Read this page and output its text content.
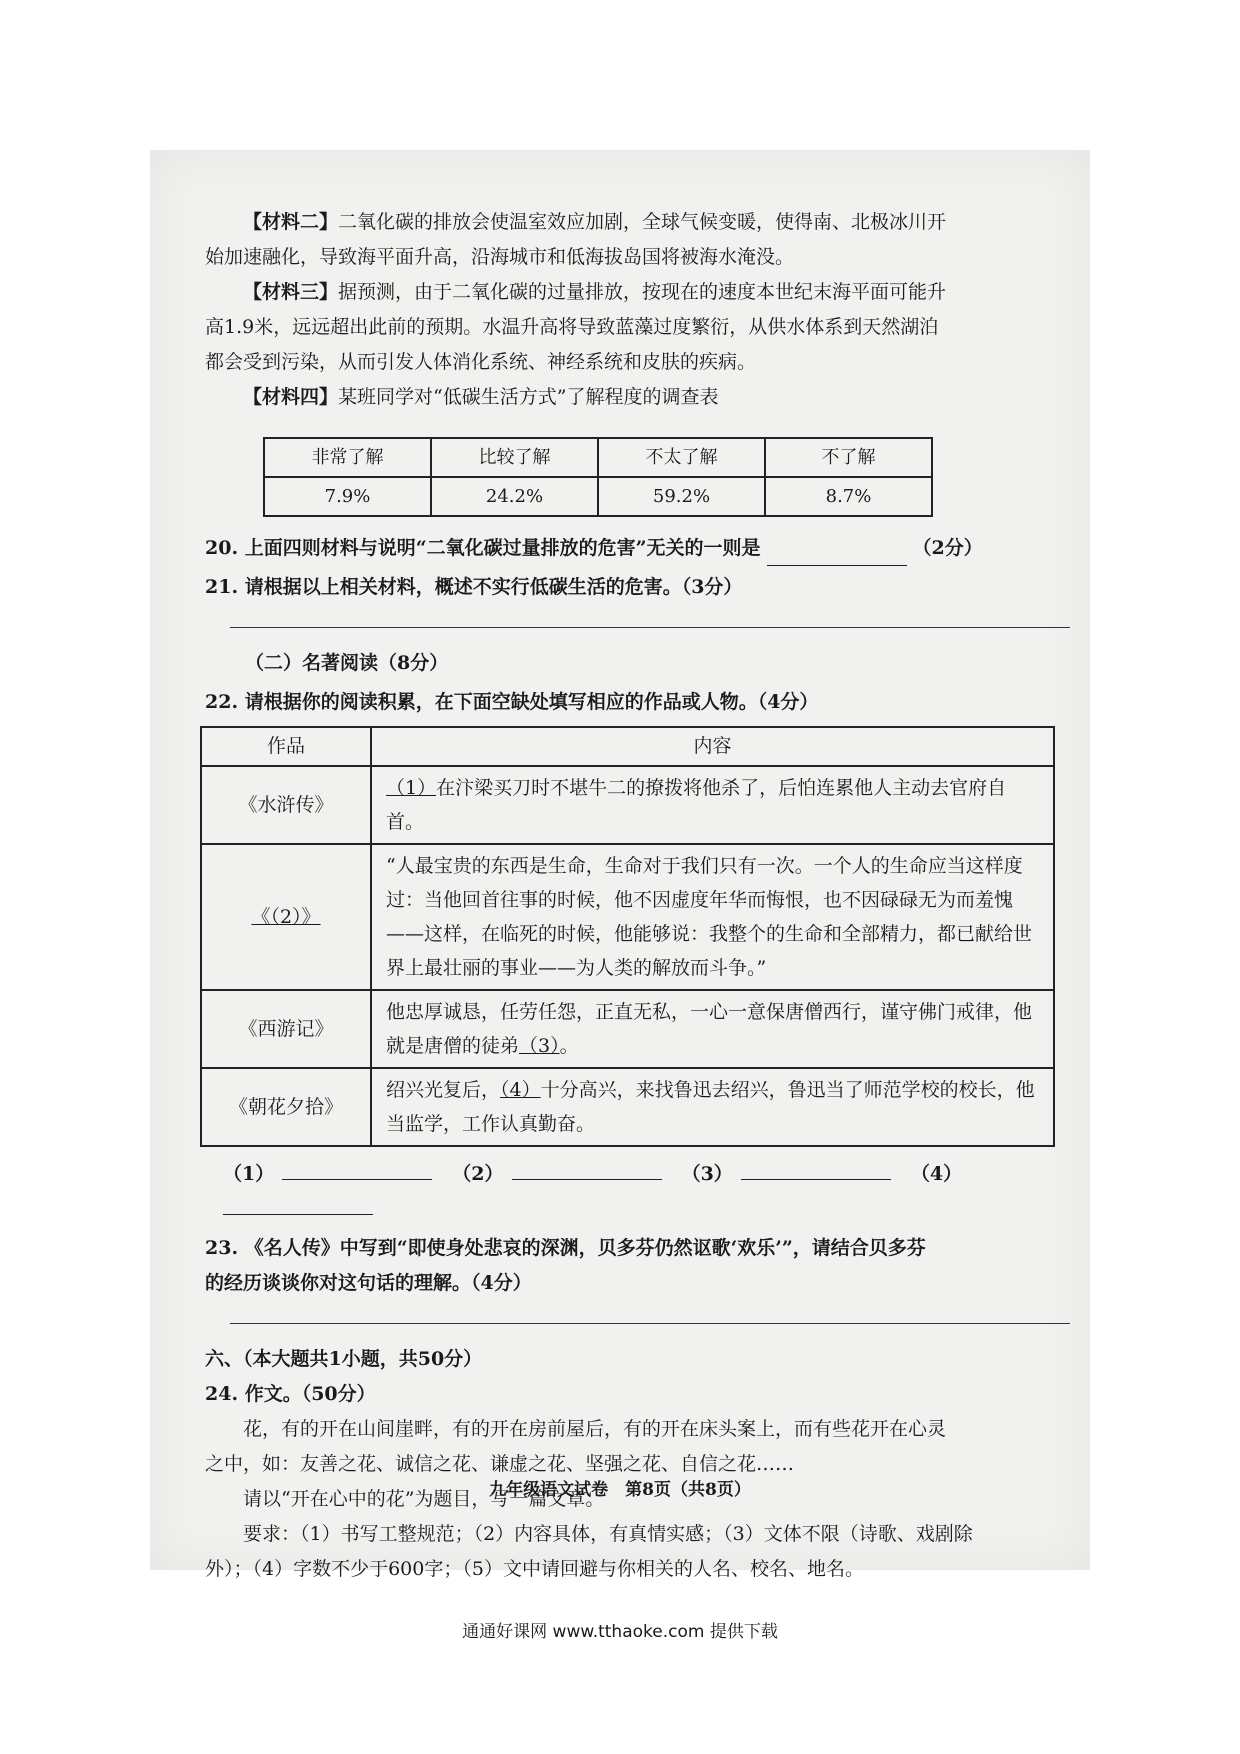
【材料二】二氧化碳的排放会使温室效应加剧，全球气候变暖，使得南、北极冰川开

始加速融化，导致海平面升高，沿海城市和低海拔岛国将被海水淹没。

【材料三】据预测，由于二氧化碳的过量排放，按现在的速度本世纪末海平面可能升

高1.9米，远远超出此前的预期。水温升高将导致蓝藻过度繁衍，从供水体系到天然湖泊

都会受到污染，从而引发人体消化系统、神经系统和皮肤的疾病。

【材料四】某班同学对“低碳生活方式”了解程度的调查表

非常了解	比较了解	不太了解	不了解
7.9%	24.2%	59.2%	8.7%

20. 上面四则材料与说明“二氧化碳过量排放的危害”无关的一则是	（2分）

21. 请根据以上相关材料，概述不实行低碳生活的危害。（3分）

（二）名著阅读（8分）

22. 请根据你的阅读积累，在下面空缺处填写相应的作品或人物。（4分）

作品	内容
《水浒传》	（1）在汴梁买刀时不堪牛二的撩拨将他杀了，后怕连累他人主动去官府自首。
《（2）》	“人最宝贵的东西是生命，生命对于我们只有一次。一个人的生命应当这样度过：当他回首往事的时候，他不因虚度年华而悔恨，也不因碌碌无为而羞愧——这样，在临死的时候，他能够说：我整个的生命和全部精力，都已献给世界上最壮丽的事业——为人类的解放而斗争。”
《西游记》	他忠厚诚恳，任劳任怨，正直无私，一心一意保唐僧西行，谨守佛门戒律，他就是唐僧的徒弟（3）。
《朝花夕拾》	绍兴光复后，（4）十分高兴，来找鲁迅去绍兴，鲁迅当了师范学校的校长，他当监学，工作认真勤奋。
（1）	（2）	（3）	（4）

23. 《名人传》中写到“即使身处悲哀的深渊，贝多芬仍然讴歌‘欢乐’”，请结合贝多芬

的经历谈谈你对这句话的理解。（4分）

六、（本大题共1小题，共50分）

24. 作文。（50分）

花，有的开在山间崖畔，有的开在房前屋后，有的开在床头案上，而有些花开在心灵

之中，如：友善之花、诚信之花、谦虚之花、坚强之花、自信之花……

请以“开在心中的花”为题目，写一篇文章。

要求：（1）书写工整规范；（2）内容具体，有真情实感；（3）文体不限（诗歌、戏剧除

外）；（4）字数不少于600字；（5）文中请回避与你相关的人名、校名、地名。

九年级语文试卷　第8页（共8页）
通通好课网 www.tthaoke.com 提供下载
